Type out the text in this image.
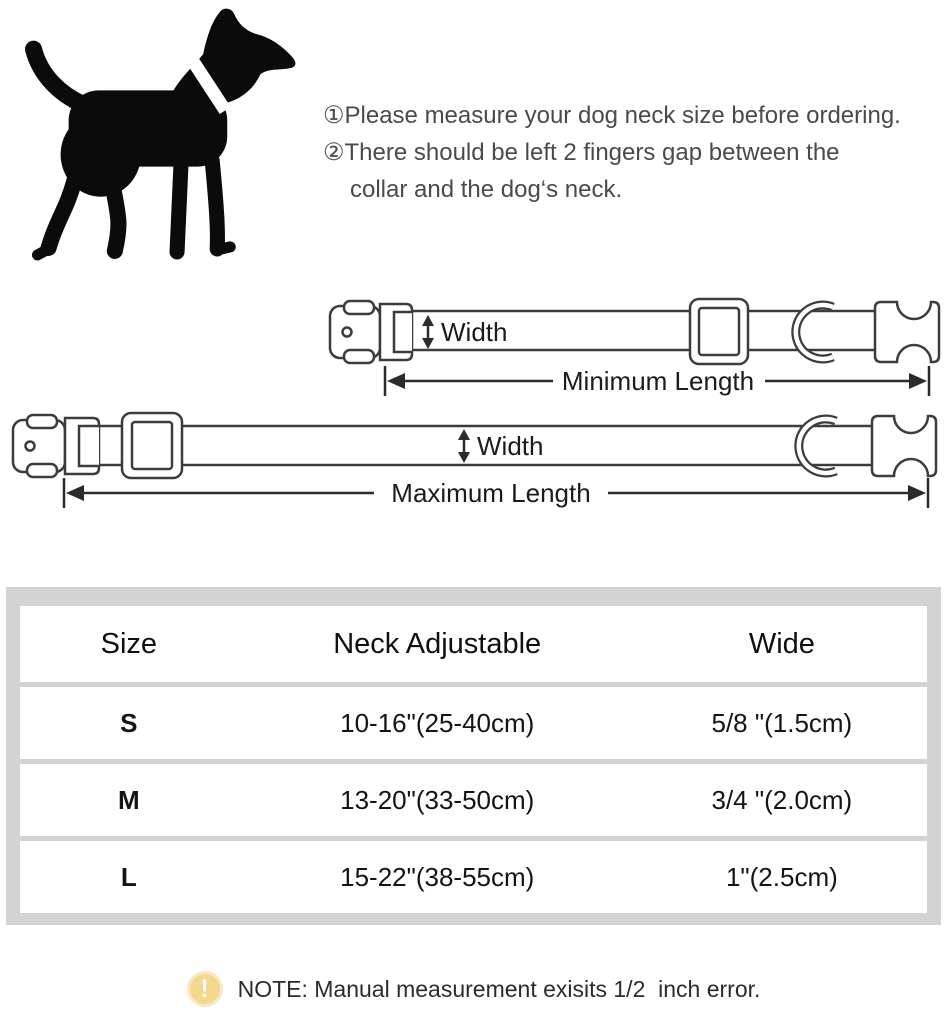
①Please measure your dog neck size before ordering.
②There should be left 2 fingers gap between the
collar and the dog‘s neck.
Width
Minimum Length
Width
Maximum Length
Size	Neck Adjustable	Wide
S	10-16"(25-40cm)	5/8 "(1.5cm)
M	13-20"(33-50cm)	3/4 "(2.0cm)
L	15-22"(38-55cm)	1"(2.5cm)
!	NOTE: Manual measurement exisits 1/2  inch error.
